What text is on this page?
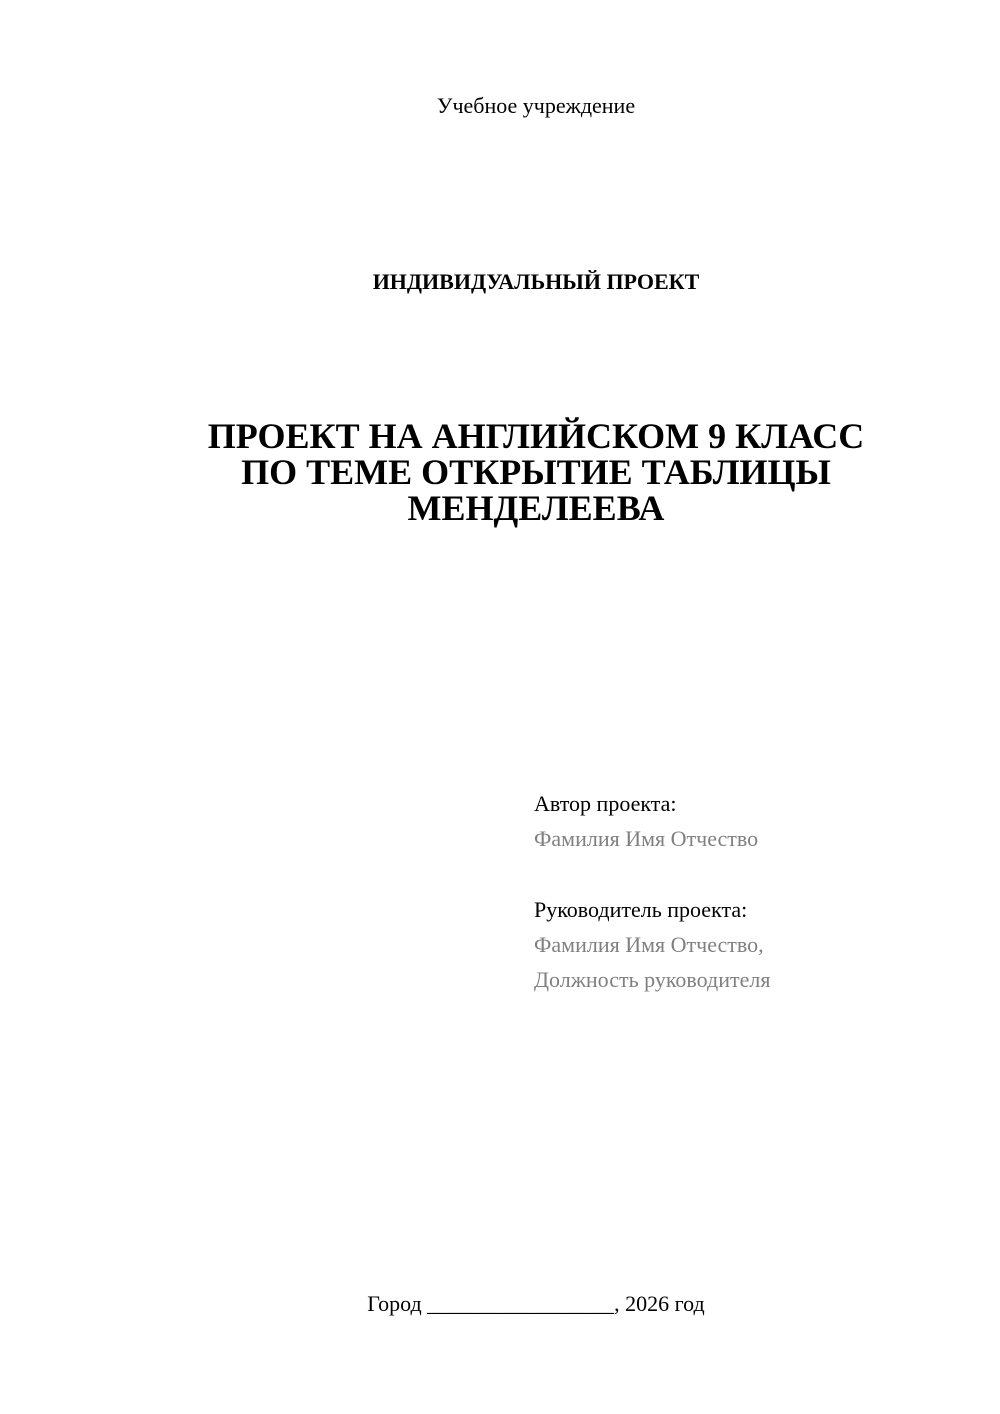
Учебное учреждение
ИНДИВИДУАЛЬНЫЙ ПРОЕКТ
ПРОЕКТ НА АНГЛИЙСКОМ 9 КЛАСС
ПО ТЕМЕ ОТКРЫТИЕ ТАБЛИЦЫ
МЕНДЕЛЕЕВА
Автор проекта:
Фамилия Имя Отчество
Руководитель проекта:
Фамилия Имя Отчество,
Должность руководителя
Город _________________, 2026 год
